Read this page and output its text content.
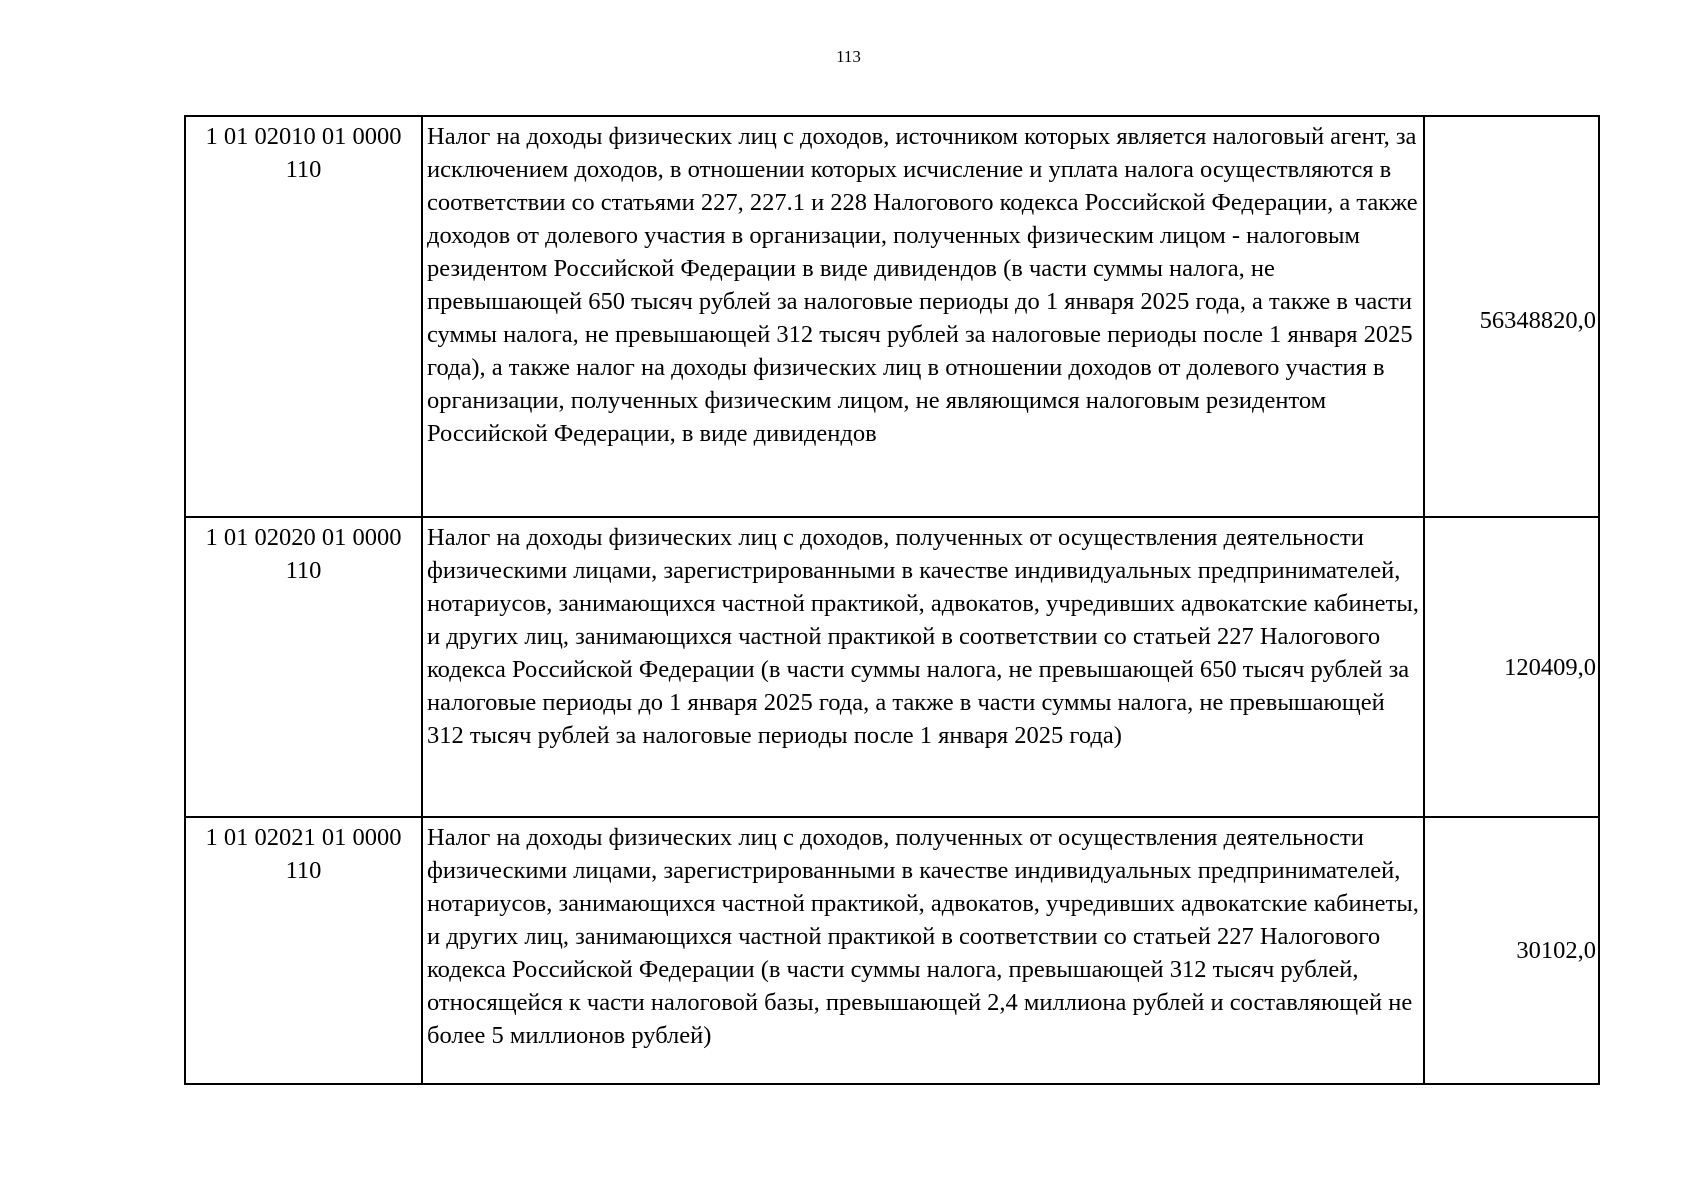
113
1 01 02010 01 0000 110	Налог на доходы физических лиц с доходов, источником которых является налоговый агент, за исключением доходов, в отношении которых исчисление и уплата налога осуществляются в соответствии со статьями 227, 227.1 и 228 Налогового кодекса Российской Федерации, а также доходов от долевого участия в организации, полученных физическим лицом - налоговым резидентом Российской Федерации в виде дивидендов (в части суммы налога, не превышающей 650 тысяч рублей за налоговые периоды до 1 января 2025 года, а также в части суммы налога, не превышающей 312 тысяч рублей за налоговые периоды после 1 января 2025 года), а также налог на доходы физических лиц в отношении доходов от долевого участия в организации, полученных физическим лицом, не являющимся налоговым резидентом Российской Федерации, в виде дивидендов	56348820,0
1 01 02020 01 0000 110	Налог на доходы физических лиц с доходов, полученных от осуществления деятельности физическими лицами, зарегистрированными в качестве индивидуальных предпринимателей, нотариусов, занимающихся частной практикой, адвокатов, учредивших адвокатские кабинеты, и других лиц, занимающихся частной практикой в соответствии со статьей 227 Налогового кодекса Российской Федерации (в части суммы налога, не превышающей 650 тысяч рублей за налоговые периоды до 1 января 2025 года, а также в части суммы налога, не превышающей 312 тысяч рублей за налоговые периоды после 1 января 2025 года)	120409,0
1 01 02021 01 0000 110	Налог на доходы физических лиц с доходов, полученных от осуществления деятельности физическими лицами, зарегистрированными в качестве индивидуальных предпринимателей, нотариусов, занимающихся частной практикой, адвокатов, учредивших адвокатские кабинеты, и других лиц, занимающихся частной практикой в соответствии со статьей 227 Налогового кодекса Российской Федерации (в части суммы налога, превышающей 312 тысяч рублей, относящейся к части налоговой базы, превышающей 2,4 миллиона рублей и составляющей не более 5 миллионов рублей)	30102,0
